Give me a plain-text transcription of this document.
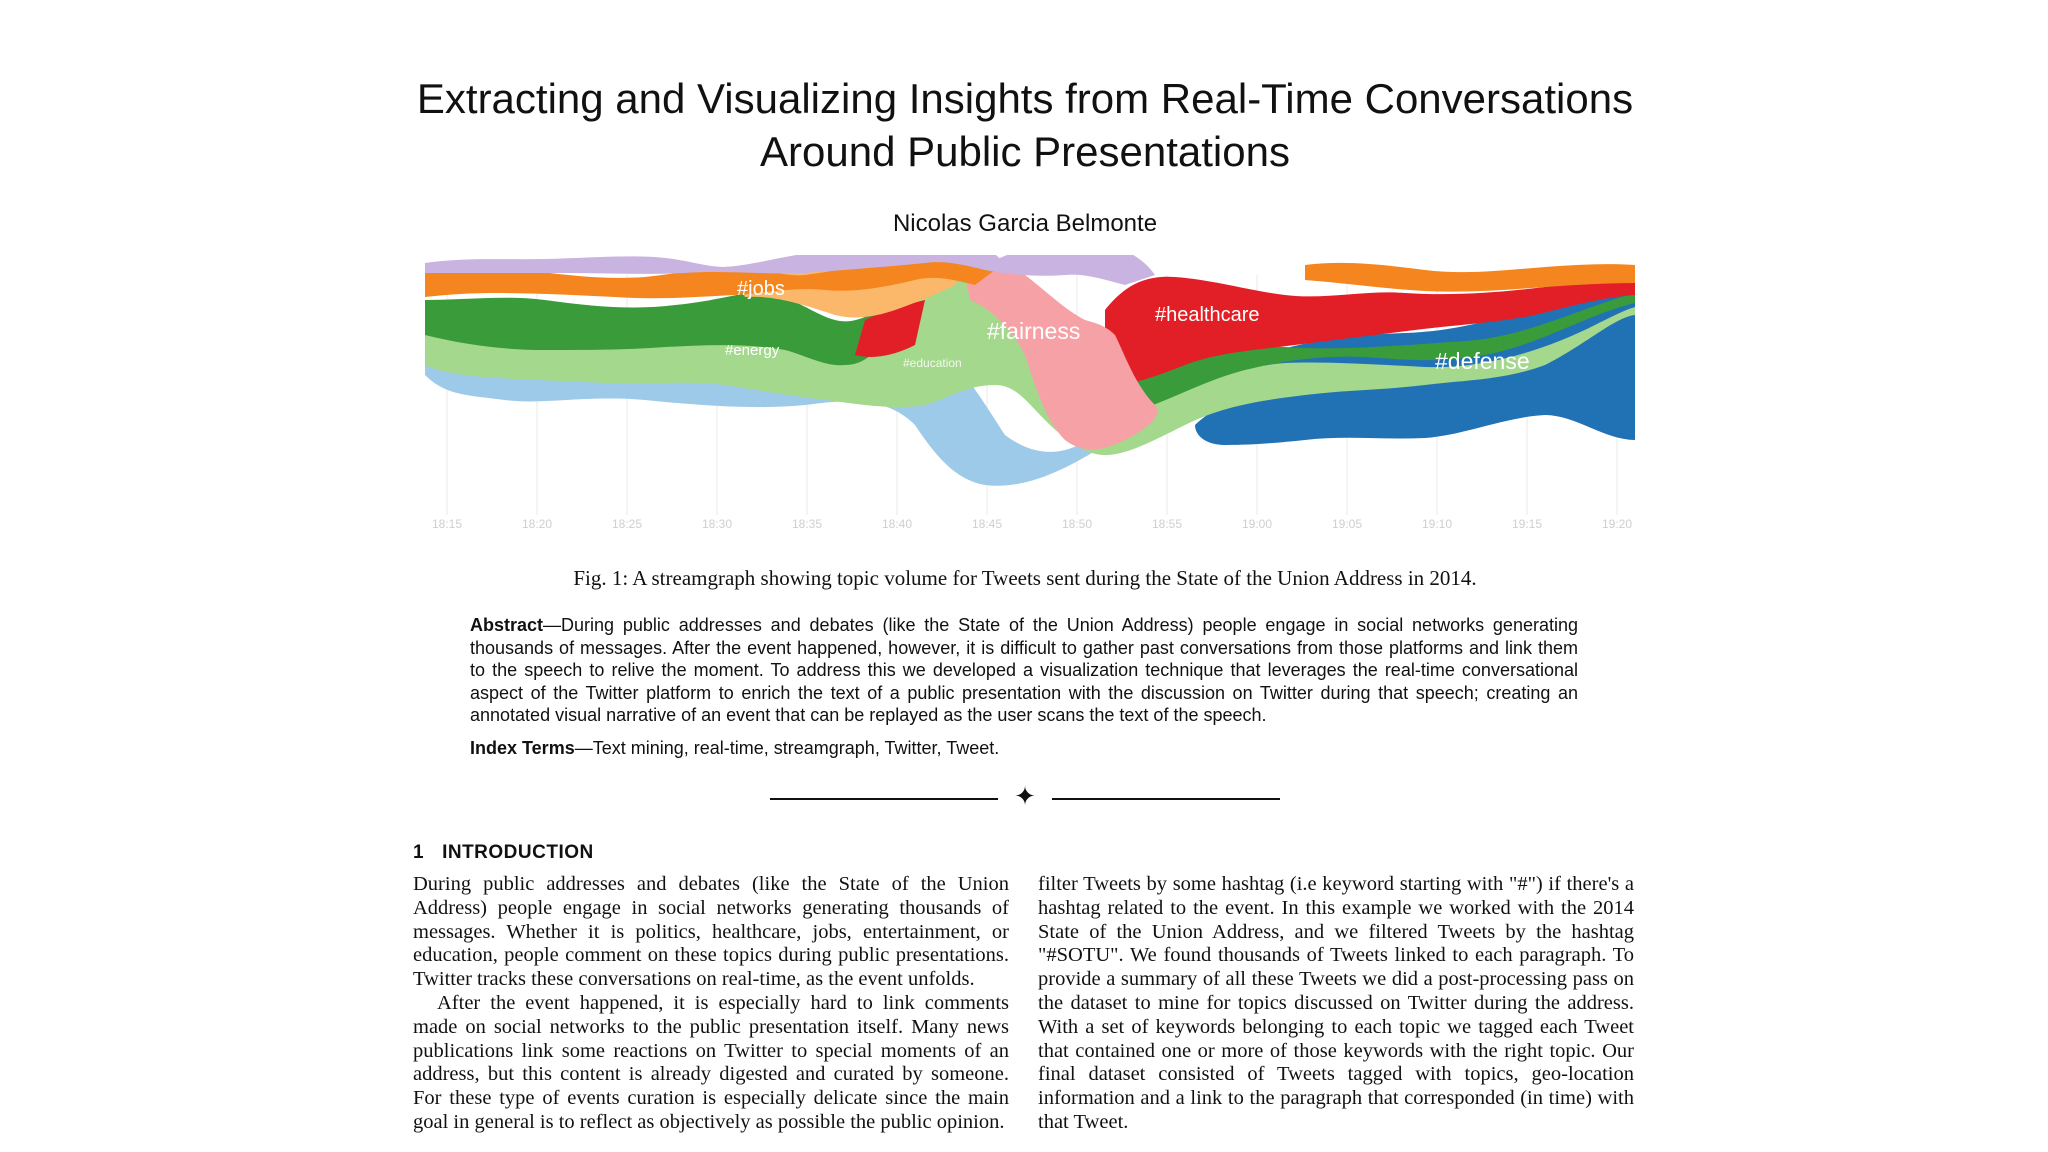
Extracting and Visualizing Insights from Real-Time Conversations
Around Public Presentations
Nicolas Garcia Belmonte
#jobs
#energy
#education
#fairness
#healthcare
#defense
18:15	18:20	18:25	18:30	18:35	18:40	18:45	18:50	18:55	19:00	19:05	19:10	19:15	19:20
Fig. 1: A streamgraph showing topic volume for Tweets sent during the State of the Union Address in 2014.
Abstract—During public addresses and debates (like the State of the Union Address) people engage in social networks generating thousands of messages. After the event happened, however, it is difficult to gather past conversations from those platforms and link them to the speech to relive the moment. To address this we developed a visualization technique that leverages the real-time conversational aspect of the Twitter platform to enrich the text of a public presentation with the discussion on Twitter during that speech; creating an annotated visual narrative of an event that can be replayed as the user scans the text of the speech.
Index Terms—Text mining, real-time, streamgraph, Twitter, Tweet.
✦
1 INTRODUCTION

During public addresses and debates (like the State of the Union Address) people engage in social networks generating thousands of messages. Whether it is politics, healthcare, jobs, entertainment, or education, people comment on these topics during public presentations. Twitter tracks these conversations on real-time, as the event unfolds.

After the event happened, it is especially hard to link comments made on social networks to the public presentation itself. Many news publications link some reactions on Twitter to special moments of an address, but this content is already digested and curated by someone. For these type of events curation is especially delicate since the main goal in general is to reflect as objectively as possible the public opinion.

filter Tweets by some hashtag (i.e keyword starting with "#") if there's a hashtag related to the event. In this example we worked with the 2014 State of the Union Address, and we filtered Tweets by the hashtag "#SOTU". We found thousands of Tweets linked to each paragraph. To provide a summary of all these Tweets we did a post-processing pass on the dataset to mine for topics discussed on Twitter during the address. With a set of keywords belonging to each topic we tagged each Tweet that contained one or more of those keywords with the right topic. Our final dataset consisted of Tweets tagged with topics, geo-location information and a link to the paragraph that corresponded (in time) with that Tweet.
